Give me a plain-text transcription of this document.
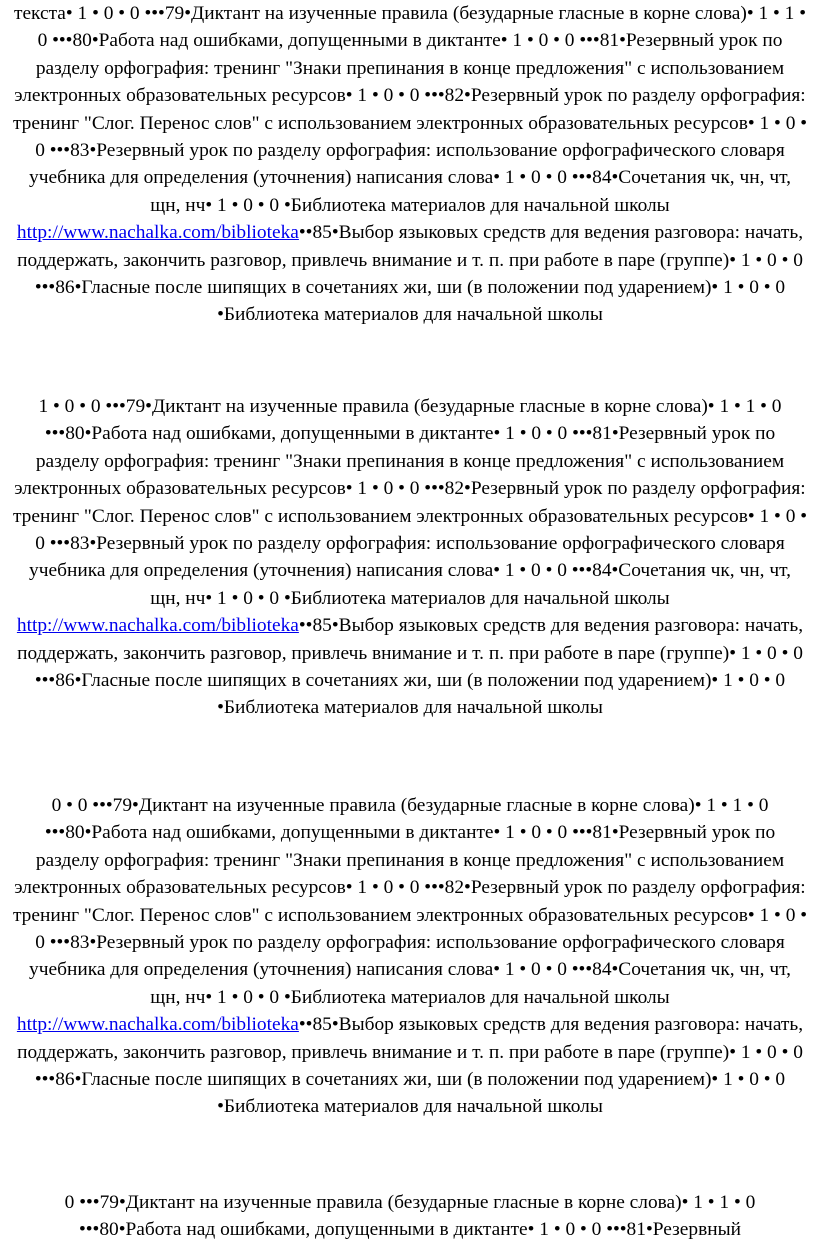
текста• 1 • 0 • 0 •••79•Диктант на изученные правила (безударные гласные в корне слова)• 1 • 1 • 0 •••80•Работа над ошибками, допущенными в диктанте• 1 • 0 • 0 •••81•Резервный урок по разделу орфография: тренинг "Знаки препинания в конце предложения" с использованием электронных образовательных ресурсов• 1 • 0 • 0 •••82•Резервный урок по разделу орфография: тренинг "Слог. Перенос слов" с использованием электронных образовательных ресурсов• 1 • 0 • 0 •••83•Резервный урок по разделу орфография: использование орфографического словаря учебника для определения (уточнения) написания слова• 1 • 0 • 0 •••84•Сочетания чк, чн, чт, щн, нч• 1 • 0 • 0 •Библиотека материалов для начальной школы http://www.nachalka.com/biblioteka••85•Выбор языковых средств для ведения разговора: начать, поддержать, закончить разговор, привлечь внимание и т. п. при работе в паре (группе)• 1 • 0 • 0 •••86•Гласные после шипящих в сочетаниях жи, ши (в положении под ударением)• 1 • 0 • 0 •Библиотека материалов для начальной школы
1 • 0 • 0 •••79•Диктант на изученные правила (безударные гласные в корне слова)• 1 • 1 • 0 •••80•Работа над ошибками, допущенными в диктанте• 1 • 0 • 0 •••81•Резервный урок по разделу орфография: тренинг "Знаки препинания в конце предложения" с использованием электронных образовательных ресурсов• 1 • 0 • 0 •••82•Резервный урок по разделу орфография: тренинг "Слог. Перенос слов" с использованием электронных образовательных ресурсов• 1 • 0 • 0 •••83•Резервный урок по разделу орфография: использование орфографического словаря учебника для определения (уточнения) написания слова• 1 • 0 • 0 •••84•Сочетания чк, чн, чт, щн, нч• 1 • 0 • 0 •Библиотека материалов для начальной школы http://www.nachalka.com/biblioteka••85•Выбор языковых средств для ведения разговора: начать, поддержать, закончить разговор, привлечь внимание и т. п. при работе в паре (группе)• 1 • 0 • 0 •••86•Гласные после шипящих в сочетаниях жи, ши (в положении под ударением)• 1 • 0 • 0 •Библиотека материалов для начальной школы
0 • 0 •••79•Диктант на изученные правила (безударные гласные в корне слова)• 1 • 1 • 0 •••80•Работа над ошибками, допущенными в диктанте• 1 • 0 • 0 •••81•Резервный урок по разделу орфография: тренинг "Знаки препинания в конце предложения" с использованием электронных образовательных ресурсов• 1 • 0 • 0 •••82•Резервный урок по разделу орфография: тренинг "Слог. Перенос слов" с использованием электронных образовательных ресурсов• 1 • 0 • 0 •••83•Резервный урок по разделу орфография: использование орфографического словаря учебника для определения (уточнения) написания слова• 1 • 0 • 0 •••84•Сочетания чк, чн, чт, щн, нч• 1 • 0 • 0 •Библиотека материалов для начальной школы http://www.nachalka.com/biblioteka••85•Выбор языковых средств для ведения разговора: начать, поддержать, закончить разговор, привлечь внимание и т. п. при работе в паре (группе)• 1 • 0 • 0 •••86•Гласные после шипящих в сочетаниях жи, ши (в положении под ударением)• 1 • 0 • 0 •Библиотека материалов для начальной школы
0 •••79•Диктант на изученные правила (безударные гласные в корне слова)• 1 • 1 • 0 •••80•Работа над ошибками, допущенными в диктанте• 1 • 0 • 0 •••81•Резервный
